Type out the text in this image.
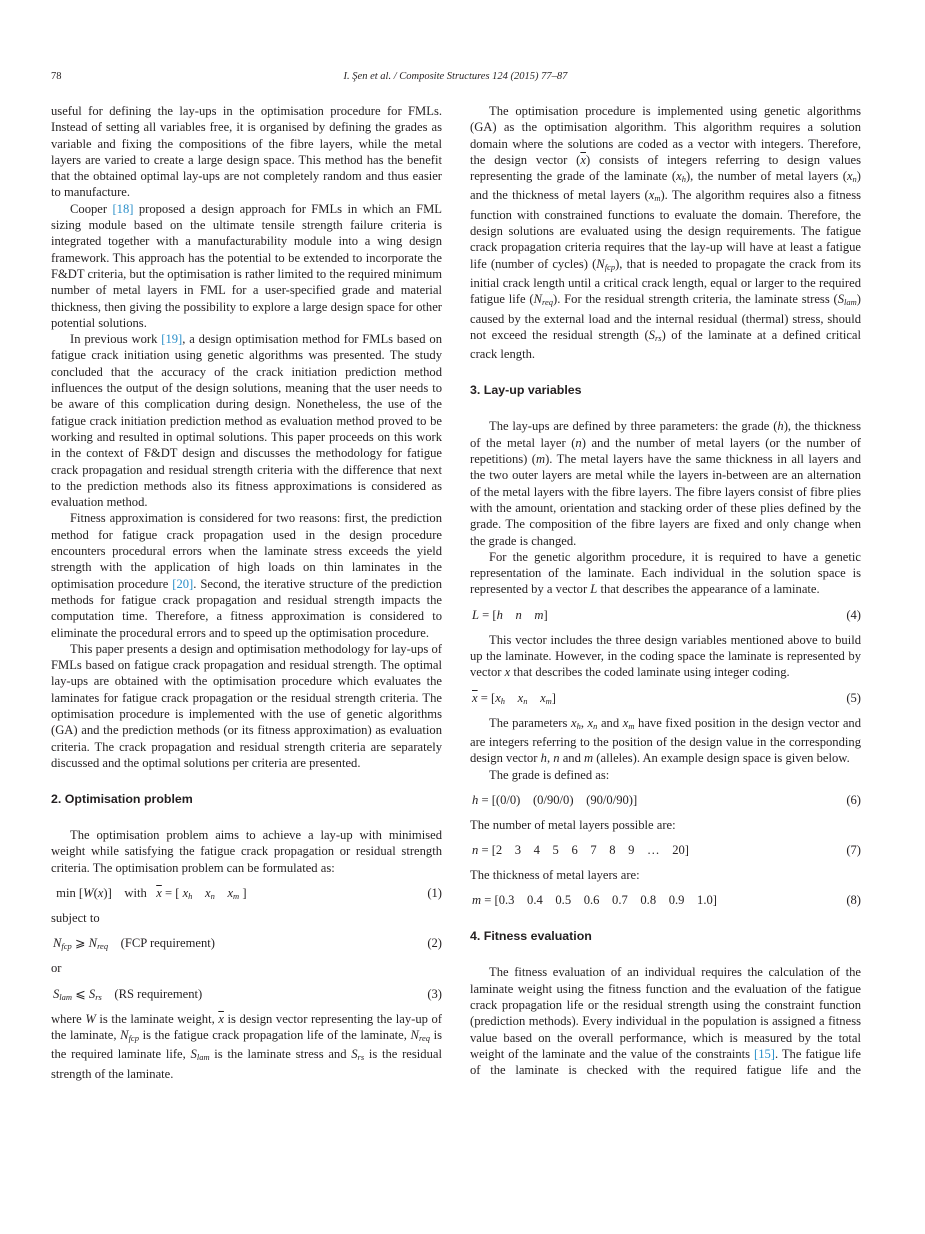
78	I. Şen et al. / Composite Structures 124 (2015) 77–87

useful for defining the lay-ups in the optimisation procedure for FMLs. Instead of setting all variables free, it is organised by defining the grades as variable and fixing the compositions of the fibre layers, while the metal layers are varied to create a large design space. This method has the benefit that the obtained optimal lay-ups are not completely random and thus easier to manufacture.

Cooper [18] proposed a design approach for FMLs in which an FML sizing module based on the ultimate tensile strength failure criteria is integrated together with a manufacturability module into a wing design framework. This approach has the potential to be extended to incorporate the F&DT criteria, but the optimisation is rather limited to the required minimum number of metal layers in FML for a user-specified grade and material thickness, then giving the possibility to explore a large design space for other potential solutions.

In previous work [19], a design optimisation method for FMLs based on fatigue crack initiation using genetic algorithms was presented. The study concluded that the accuracy of the crack initiation prediction method influences the output of the design solutions, meaning that the user needs to be aware of this complication during design. Nonetheless, the use of the fatigue crack initiation prediction method as evaluation method proved to be working and resulted in optimal solutions. This paper proceeds on this work in the context of F&DT design and discusses the methodology for fatigue crack propagation and residual strength criteria with the difference that next to the prediction methods also its fitness approximations is considered as evaluation method.

Fitness approximation is considered for two reasons: first, the prediction method for fatigue crack propagation used in the design procedure encounters procedural errors when the laminate stress exceeds the yield strength with the application of high loads on thin laminates in the optimisation procedure [20]. Second, the iterative structure of the prediction methods for fatigue crack propagation and residual strength impacts the computation time. Therefore, a fitness approximation is considered to eliminate the procedural errors and to speed up the optimisation procedure.

This paper presents a design and optimisation methodology for lay-ups of FMLs based on fatigue crack propagation and residual strength. The optimal lay-ups are obtained with the optimisation procedure which evaluates the laminates for fatigue crack propagation or the residual strength criteria. The optimisation procedure is implemented with the use of genetic algorithms (GA) and the prediction methods (or its fitness approximation) as evaluation criteria. The crack propagation and residual strength criteria are separately discussed and the optimal solutions per criteria are presented.

2. Optimisation problem

The optimisation problem aims to achieve a lay-up with minimised weight while satisfying the fatigue crack propagation or residual strength criteria. The optimisation problem can be formulated as:

min [W(x)]    with   $\overline{x}$ = [ $x_h$ $x_n$ $x_m$ ]	(1)

subject to

$N_{fcp}$ ⩾ $N_{req}$    (FCP requirement)	(2)

or

$S_{lam}$ ⩽ $S_{rs}$    (RS requirement)	(3)

where W is the laminate weight, $\overline{x}$ is design vector representing the lay-up of the laminate, $N_{fcp}$ is the fatigue crack propagation life of the laminate, $N_{req}$ is the required laminate life, $S_{lam}$ is the laminate stress and $S_{rs}$ is the residual strength of the laminate.

The optimisation procedure is implemented using genetic algorithms (GA) as the optimisation algorithm. This algorithm requires a solution domain where the solutions are coded as a vector with integers. Therefore, the design vector $(\overline{x})$ consists of integers referring to design values representing the grade of the laminate $(x_h)$, the number of metal layers $(x_n)$ and the thickness of metal layers $(x_m)$. The algorithm requires also a fitness function with constrained functions to evaluate the domain. Therefore, the design solutions are evaluated using the design requirements. The fatigue crack propagation criteria requires that the lay-up will have at least a fatigue life (number of cycles) $(N_{fcp})$, that is needed to propagate the crack from its initial crack length until a critical crack length, equal or larger to the required fatigue life $(N_{req})$. For the residual strength criteria, the laminate stress $(S_{lam})$ caused by the external load and the internal residual (thermal) stress, should not exceed the residual strength $(S_{rs})$ of the laminate at a defined critical crack length.

3. Lay-up variables

The lay-ups are defined by three parameters: the grade (h), the thickness of the metal layer (n) and the number of metal layers (or the number of repetitions) (m). The metal layers have the same thickness in all layers and the two outer layers are metal while the layers in-between are an alternation of the metal layers with the fibre layers. The fibre layers consist of fibre plies with the amount, orientation and stacking order of these plies defined by the grade. The composition of the fibre layers are fixed and only change when the grade is changed.

For the genetic algorithm procedure, it is required to have a genetic representation of the laminate. Each individual in the solution space is represented by a vector L that describes the appearance of a laminate.

L = [h n m]	(4)

This vector includes the three design variables mentioned above to build up the laminate. However, in the coding space the laminate is represented by vector x that describes the coded laminate using integer coding.

$\overline{x} = [x_h$ $x_n$ $x_m$]	(5)

The parameters $x_h$, $x_n$ and $x_m$ have fixed position in the design vector and are integers referring to the position of the design value in the corresponding design vector h, n and m (alleles). An example design space is given below.

The grade is defined as:

h = [(0/0)    (0/90/0)    (90/0/90)]	(6)

The number of metal layers possible are:

n = [2    3    4    5    6    7    8    9    …    20]	(7)

The thickness of metal layers are:

m = [0.3    0.4    0.5    0.6    0.7    0.8    0.9    1.0]	(8)
4. Fitness evaluation

The fitness evaluation of an individual requires the calculation of the laminate weight using the fitness function and the evaluation of the fatigue crack propagation life or the residual strength using the constraint function (prediction methods). Every individual in the population is assigned a fitness value based on the overall performance, which is measured by the total weight of the laminate and the value of the constraints [15]. The fatigue life of the laminate is checked with the required fatigue life and the
